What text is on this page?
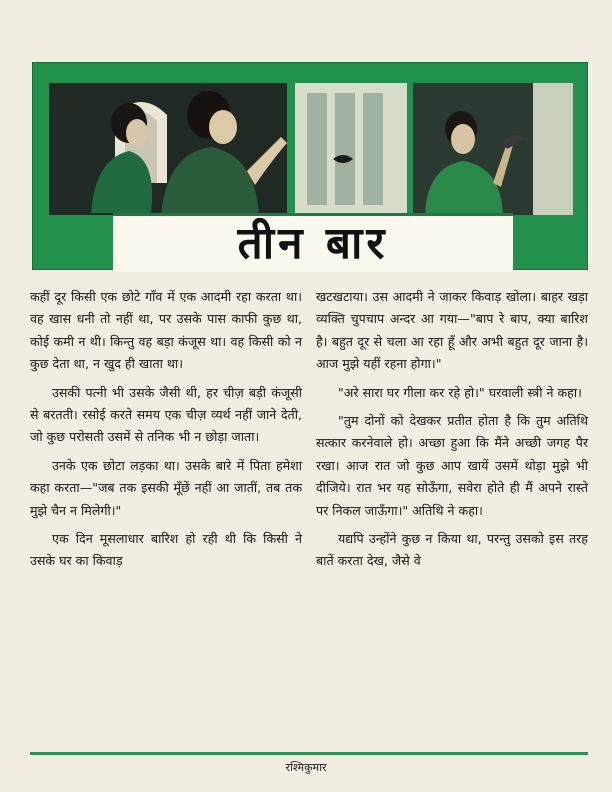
तीन बार

कहीं दूर किसी एक छोटे गाँव में एक आदमी रहा करता था। वह खास धनी तो नहीं था, पर उसके पास काफी कुछ था, कोई कमी न थी। किन्तु वह बड़ा कंजूस था। वह किसी को न कुछ देता था, न खुद ही खाता था।

उसकी पत्नी भी उसके जैसी थी, हर चीज़ बड़ी कंजूसी से बरतती। रसोई करते समय एक चीज़ व्यर्थ नहीं जाने देती, जो कुछ परोसती उसमें से तनिक भी न छोड़ा जाता।

उनके एक छोटा लड़का था। उसके बारे में पिता हमेशा कहा करता—"जब तक इसकी मूँछें नहीं आ जातीं, तब तक मुझे चैन न मिलेगी।"

एक दिन मूसलाधार बारिश हो रही थी कि किसी ने उसके घर का किवाड़

खटखटाया। उस आदमी ने जाकर किवाड़ खोला। बाहर खड़ा व्यक्ति चुपचाप अन्दर आ गया—"बाप रे बाप, क्या बारिश है। बहुत दूर से चला आ रहा हूँ और अभी बहुत दूर जाना है। आज मुझे यहीं रहना होगा।"

"अरे सारा घर गीला कर रहे हो।" घरवाली स्त्री ने कहा।

"तुम दोनों को देखकर प्रतीत होता है कि तुम अतिथि सत्कार करनेवाले हो। अच्छा हुआ कि मैंने अच्छी जगह पैर रखा। आज रात जो कुछ आप खायें उसमें थोड़ा मुझे भी दीजिये। रात भर यह सोऊँगा, सवेरा होते ही मैं अपने रास्ते पर निकल जाऊँगा।" अतिथि ने कहा।

यद्यपि उन्होंने कुछ न किया था, परन्तु उसको इस तरह बातें करता देख, जैसे वे

रश्मिकुमार
